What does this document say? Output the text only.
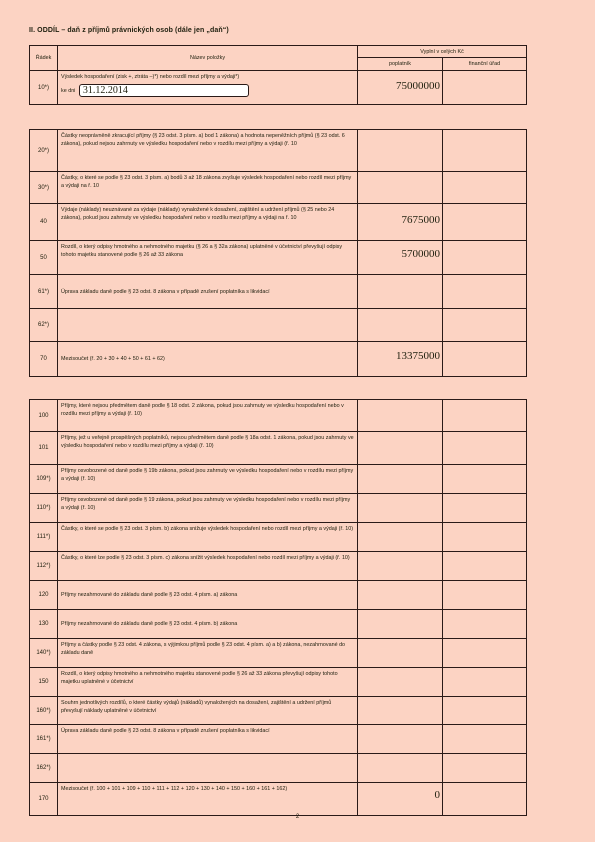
II. ODDÍL – daň z příjmů právnických osob (dále jen „daň“)
Řádek	Název položky	Vyplní v celých Kč	
		poplatník	finanční úřad
10*)	Výsledek hospodaření (zisk +, ztráta –)*) nebo rozdíl mezi příjmy a výdaji*)
ke dni 31.12.2014	$^{75000000}$	
20*)	Částky neoprávněně zkracující příjmy (§ 23 odst. 3 písm. a) bod 1 zákona) a hodnota nepeněžních příjmů (§ 23 odst. 6 zákona), pokud nejsou zahrnuty ve výsledku hospodaření nebo v rozdílu mezi příjmy a výdaji (ř. 10		
30*)	Částky, o které se podle § 23 odst. 3 písm. a) bodů 3 až 18 zákona zvyšuje výsledek hospodaření nebo rozdíl mezi příjmy a výdaji na ř. 10		
40	Výdaje (náklady) neuznávané za výdaje (náklady) vynaložené k dosažení, zajištění a udržení příjmů (§ 25 nebo 24 zákona), pokud jsou zahrnuty ve výsledku hospodaření nebo v rozdílu mezi příjmy a výdaji na ř. 10	$^{7675000}$	
50	Rozdíl, o který odpisy hmotného a nehmotného majetku (§ 26 a § 32a zákona) uplatněné v účetnictví převyšují odpisy tohoto majetku stanovené podle § 26 až 33 zákona	$^{5700000}$	
61*)	Úprava základu daně podle § 23 odst. 8 zákona v případě zrušení poplatníka s likvidací		
62*)			
70	Mezisoučet (ř. 20 + 30 + 40 + 50 + 61 + 62)	$^{13375000}$	
100	Příjmy, které nejsou předmětem daně podle § 18 odst. 2 zákona, pokud jsou zahrnuty ve výsledku hospodaření nebo v rozdílu mezi příjmy a výdaji (ř. 10)		
101	Příjmy, jež u veřejně prospěšných poplatníků, nejsou předmětem daně podle § 18a odst. 1 zákona, pokud jsou zahrnuty ve výsledku hospodaření nebo v rozdílu mezi příjmy a výdaji (ř. 10)		
109*)	Příjmy osvobozené od daně podle § 19b zákona, pokud jsou zahrnuty ve výsledku hospodaření nebo v rozdílu mezi příjmy a výdaji (ř. 10)		
110*)	Příjmy osvobozené od daně podle § 19 zákona, pokud jsou zahrnuty ve výsledku hospodaření nebo v rozdílu mezi příjmy a výdaji (ř. 10)		
111*)	Částky, o které se podle § 23 odst. 3 písm. b) zákona snižuje výsledek hospodaření nebo rozdíl mezi příjmy a výdaji (ř. 10)		
112*)	Částky, o které lze podle § 23 odst. 3 písm. c) zákona snížit výsledek hospodaření nebo rozdíl mezi příjmy a výdaji (ř. 10)		
120	Příjmy nezahrnované do základu daně podle § 23 odst. 4 písm. a) zákona		
130	Příjmy nezahrnované do základu daně podle § 23 odst. 4 písm. b) zákona		
140*)	Příjmy a částky podle § 23 odst. 4 zákona, s výjimkou příjmů podle § 23 odst. 4 písm. a) a b) zákona, nezahrnované do základu daně		
150	Rozdíl, o který odpisy hmotného a nehmotného majetku stanovené podle § 26 až 33 zákona převyšují odpisy tohoto majetku uplatněné v účetnictví		
160*)	Souhrn jednotlivých rozdílů, o které částky výdajů (nákladů) vynaložených na dosažení, zajištění a udržení příjmů převyšují náklady uplatněné v účetnictví		
161*)	Úprava základu daně podle § 23 odst. 8 zákona v případě zrušení poplatníka s likvidací		
162*)			
170	Mezisoučet (ř. 100 + 101 + 109 + 110 + 111 + 112 + 120 + 130 + 140 + 150 + 160 + 161 + 162)	$^0$	
2
